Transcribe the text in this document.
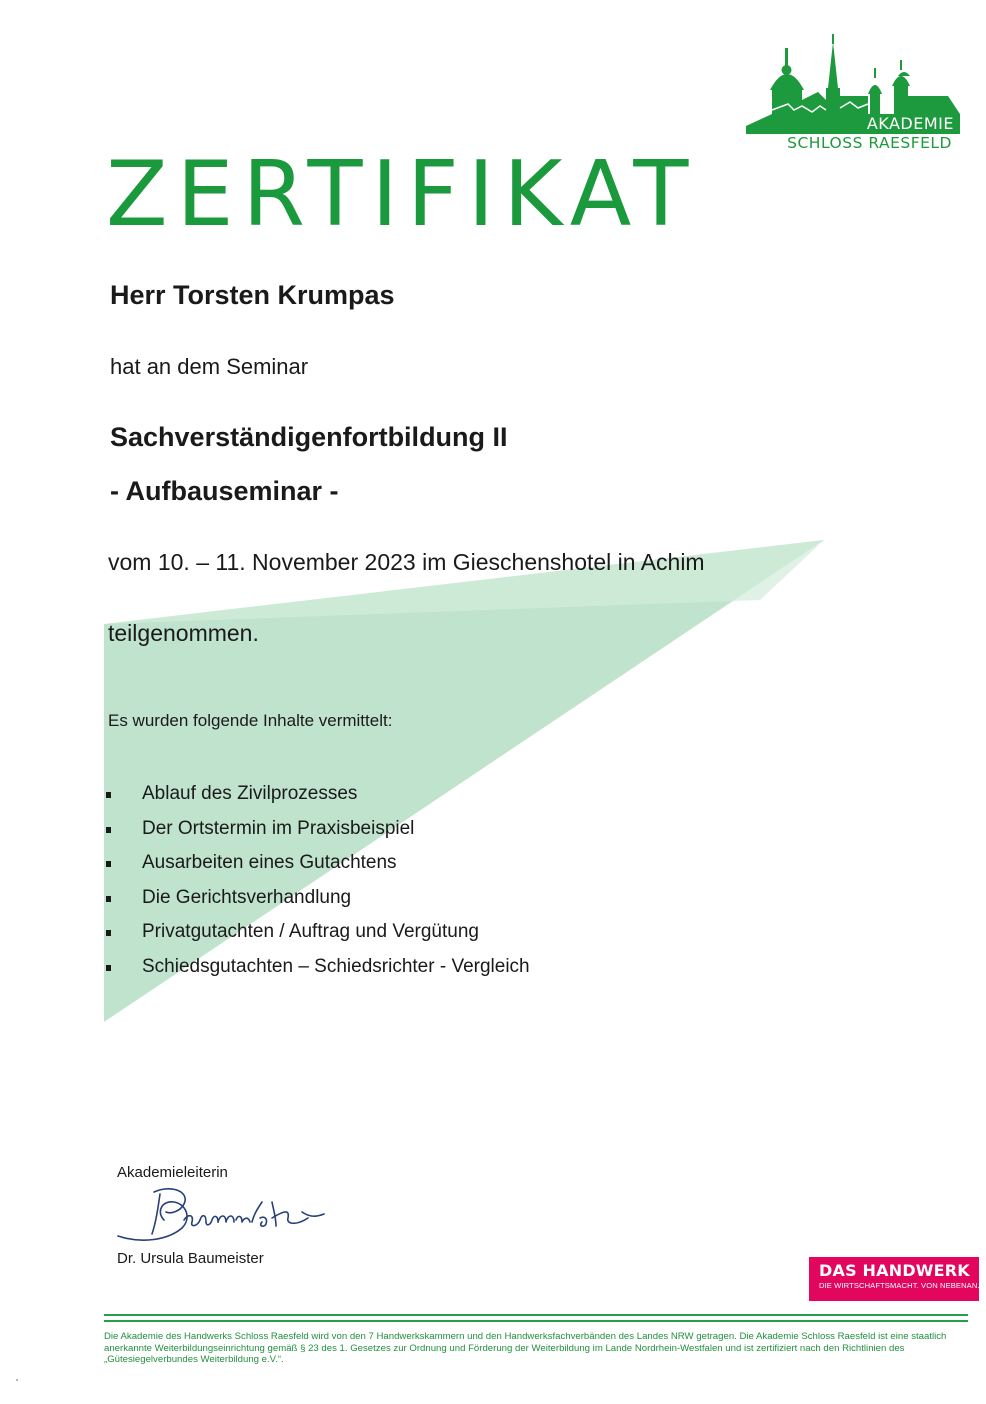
AKADEMIE
SCHLOSS RAESFELD
ZERTIFIKAT
Herr Torsten Krumpas
hat an dem Seminar
Sachverständigenfortbildung II
- Aufbauseminar -
vom 10. – 11. November 2023 im Gieschenshotel in Achim
teilgenommen.
Es wurden folgende Inhalte vermittelt:
Ablauf des Zivilprozesses
Der Ortstermin im Praxisbeispiel
Ausarbeiten eines Gutachtens
Die Gerichtsverhandlung
Privatgutachten / Auftrag und Vergütung
Schiedsgutachten – Schiedsrichter - Vergleich
Akademieleiterin
Dr. Ursula Baumeister
DAS HANDWERK
DIE WIRTSCHAFTSMACHT. VON NEBENAN.

Die Akademie des Handwerks Schloss Raesfeld wird von den 7 Handwerkskammern und den Handwerksfachverbänden des Landes NRW getragen. Die Akademie Schloss Raesfeld ist eine staatlich anerkannte Weiterbildungseinrichtung gemäß § 23 des 1. Gesetzes zur Ordnung und Förderung der Weiterbildung im Lande Nordrhein-Westfalen und ist zertifiziert nach den Richtlinien des „Gütesiegelverbundes Weiterbildung e.V.“.
